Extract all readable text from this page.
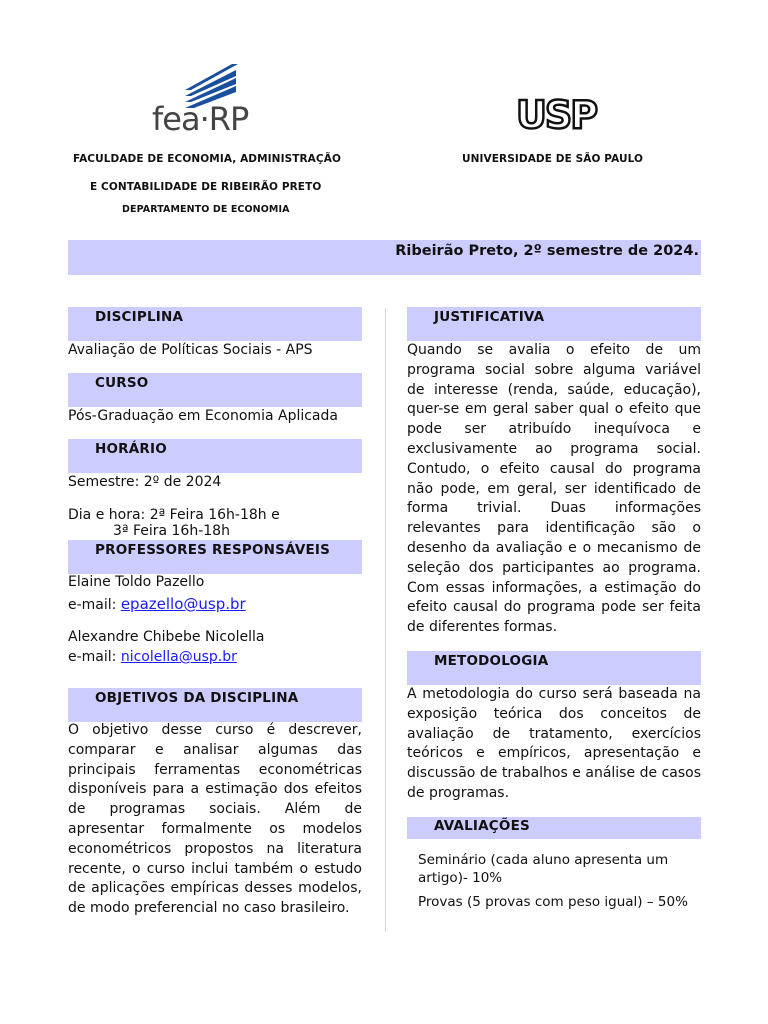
fea·RP	USP
FACULDADE DE ECONOMIA, ADMINISTRAÇÃO
E CONTABILIDADE DE RIBEIRÃO PRETO
DEPARTAMENTO DE ECONOMIA
UNIVERSIDADE DE SÃO PAULO
Ribeirão Preto, 2º semestre de 2024.
DISCIPLINA
Avaliação de Políticas Sociais - APS
CURSO
Pós-Graduação em Economia Aplicada
HORÁRIO
Semestre: 2º de 2024
Dia e hora: 2ª Feira 16h-18h e
3ª Feira 16h-18h
PROFESSORES RESPONSÁVEIS
Elaine Toldo Pazello
e-mail: epazello@usp.br
Alexandre Chibebe Nicolella
e-mail: nicolella@usp.br
OBJETIVOS DA DISCIPLINA
O objetivo desse curso é descrever, comparar e analisar algumas das principais ferramentas econométricas disponíveis para a estimação dos efeitos de programas sociais. Além de apresentar formalmente os modelos econométricos propostos na literatura recente, o curso inclui também o estudo de aplicações empíricas desses modelos, de modo preferencial no caso brasileiro.
JUSTIFICATIVA
Quando se avalia o efeito de um programa social sobre alguma variável de interesse (renda, saúde, educação), quer-se em geral saber qual o efeito que pode ser atribuído inequívoca e exclusivamente ao programa social. Contudo, o efeito causal do programa não pode, em geral, ser identificado de forma trivial. Duas informações relevantes para identificação são o desenho da avaliação e o mecanismo de seleção dos participantes ao programa. Com essas informações, a estimação do efeito causal do programa pode ser feita de diferentes formas.
METODOLOGIA
A metodologia do curso será baseada na exposição teórica dos conceitos de avaliação de tratamento, exercícios teóricos e empíricos, apresentação e discussão de trabalhos e análise de casos de programas.
AVALIAÇÕES
Seminário (cada aluno apresenta um
artigo)- 10%
Provas (5 provas com peso igual) – 50%
